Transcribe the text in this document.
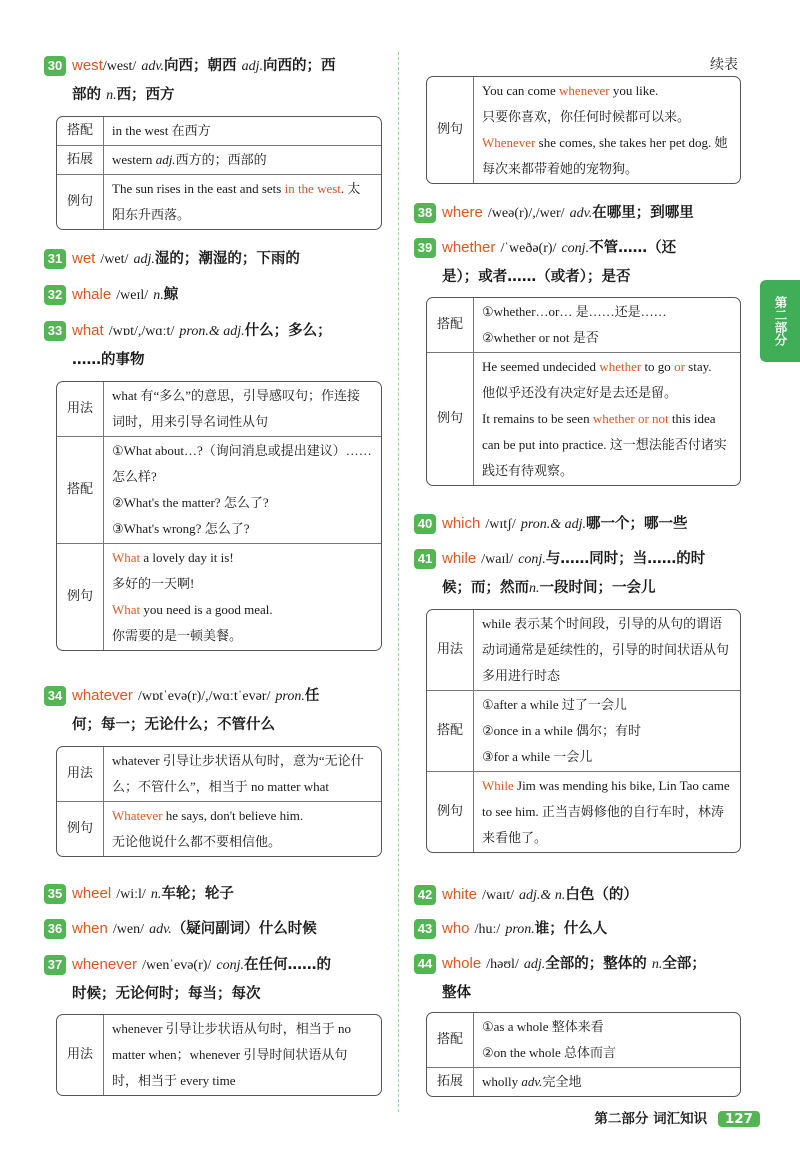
第二部分
30 west/west/ adv.向西；朝西 adj.向西的；西
部的 n.西；西方
搭配	in the west 在西方
拓展	western adj.西方的；西部的
例句	The sun rises in the east and sets in the west. 太阳东升西落。
31 wet /wet/ adj.湿的；潮湿的；下雨的
32 whale /weɪl/ n.鲸
33 what /wɒt/,/wɑːt/ pron.& adj.什么；多么；
……的事物
用法	what 有“多么”的意思，引导感叹句；作连接词时，用来引导名词性从句
搭配	①What about…?（询问消息或提出建议）……怎么样?
②What's the matter? 怎么了?
③What's wrong? 怎么了?

例句	What a lovely day it is!
多好的一天啊!
What you need is a good meal.
你需要的是一顿美餐。
34 whatever /wɒtˈevə(r)/,/wɑːtˈevər/ pron.任
何；每一；无论什么；不管什么
用法	whatever 引导让步状语从句时，意为“无论什么；不管什么”，相当于 no matter what
例句	Whatever he says, don't believe him.
无论他说什么都不要相信他。
35 wheel /wiːl/ n.车轮；轮子
36 when /wen/ adv.（疑问副词）什么时候
37 whenever /wenˈevə(r)/ conj.在任何……的
时候；无论何时；每当；每次
用法	whenever 引导让步状语从句时，相当于 no matter when；whenever 引导时间状语从句时，相当于 every time
例句	
You can come whenever you like.
只要你喜欢，你任何时候都可以来。
Whenever she comes, she takes her pet dog. 她每次来都带着她的宠物狗。
38 where /weə(r)/,/wer/ adv.在哪里；到哪里
39 whether /ˈweðə(r)/ conj.不管……（还
是）；或者……（或者）；是否
搭配	①whether…or… 是……还是……
②whether or not 是否

例句	He seemed undecided whether to go or stay.
他似乎还没有决定好是去还是留。
It remains to be seen whether or not this idea can be put into practice. 这一想法能否付诸实践还有待观察。
40 which /wɪtʃ/ pron.& adj.哪一个；哪一些
41 while /waɪl/ conj.与……同时；当……的时
候；而；然而n.一段时间；一会儿
用法	while 表示某个时间段，引导的从句的谓语动词通常是延续性的，引导的时间状语从句多用进行时态
搭配	①after a while 过了一会儿
②once in a while 偶尔；有时
③for a while 一会儿

例句	While Jim was mending his bike, Lin Tao came to see him. 正当吉姆修他的自行车时，林涛来看他了。
42 white /waɪt/ adj.& n.白色（的）
43 who /huː/ pron.谁；什么人
44 whole /həʊl/ adj.全部的；整体的 n.全部；
整体
搭配	①as a whole 整体来看
②on the whole 总体而言

拓展	wholly adv.完全地
续表
第二部分 词汇知识 127
